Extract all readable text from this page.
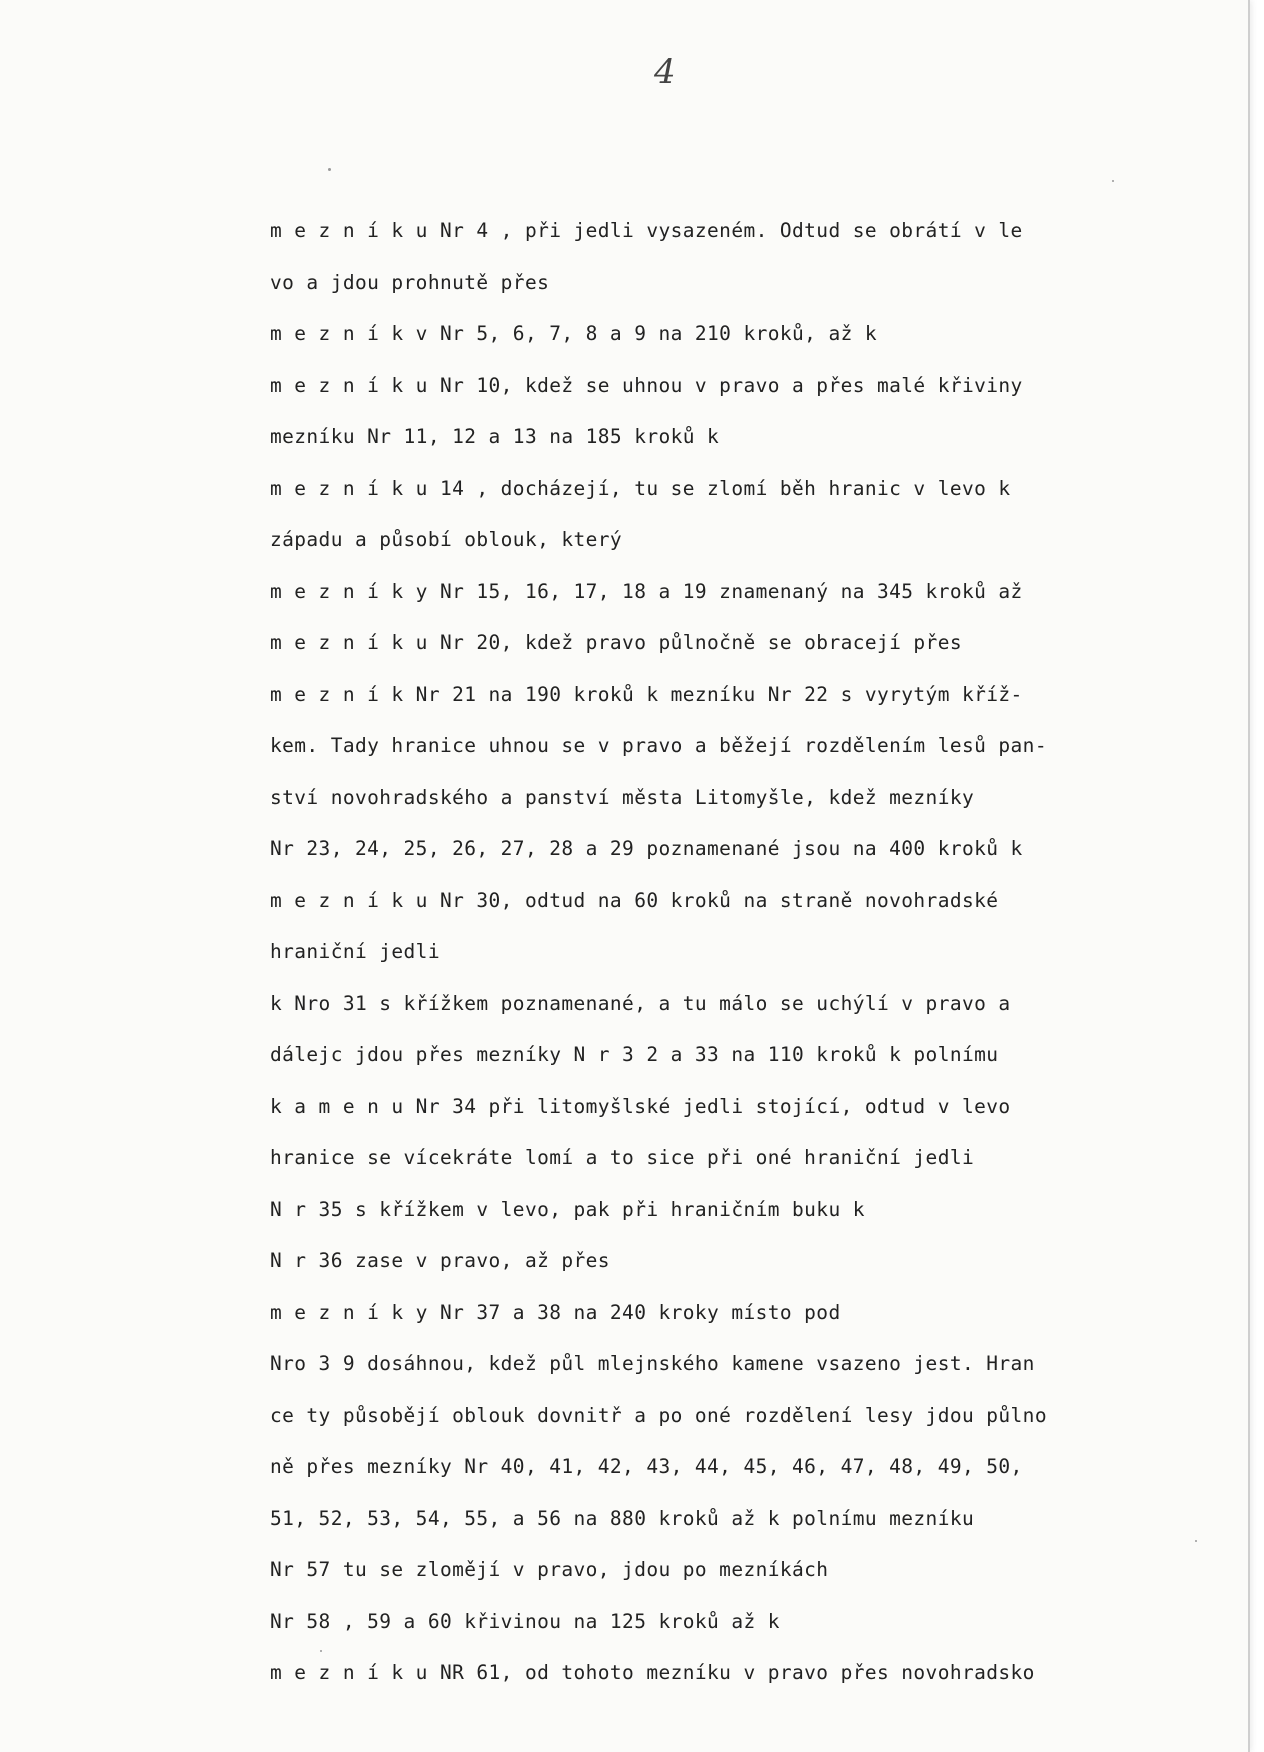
4
m e z n í k u Nr 4 , při jedli vysazeném. Odtud se obrátí v le
vo a jdou prohnutě přes
m e z n í k v Nr 5, 6, 7, 8 a 9 na 210 kroků, až k
m e z n í k u Nr 10, kdež se uhnou v pravo a přes malé křiviny
mezníku Nr 11, 12 a 13 na 185 kroků k
m e z n í k u 14 , docházejí, tu se zlomí běh hranic v levo k
západu a působí oblouk, který
m e z n í k y Nr 15, 16, 17, 18 a 19 znamenaný na 345 kroků až
m e z n í k u Nr 20, kdež pravo půlnočně se obracejí přes
m e z n í k Nr 21 na 190 kroků k mezníku Nr 22 s vyrytým kříž-
kem. Tady hranice uhnou se v pravo a běžejí rozdělením lesů pan-
ství novohradského a panství města Litomyšle, kdež mezníky
Nr 23, 24, 25, 26, 27, 28 a 29 poznamenané jsou na 400 kroků k
m e z n í k u Nr 30, odtud na 60 kroků na straně novohradské
hraniční jedli
k Nro 31 s křížkem poznamenané, a tu málo se uchýlí v pravo a
dálejc jdou přes mezníky N r 3 2 a 33 na 110 kroků k polnímu
k a m e n u Nr 34 při litomyšlské jedli stojící, odtud v levo
hranice se vícekráte lomí a to sice při oné hraniční jedli
N r 35 s křížkem v levo, pak při hraničním buku k
N r 36 zase v pravo, až přes
m e z n í k y Nr 37 a 38 na 240 kroky místo pod
Nro 3 9 dosáhnou, kdež půl mlejnského kamene vsazeno jest. Hran
ce ty působějí oblouk dovnitř a po oné rozdělení lesy jdou půlno
ně přes mezníky Nr 40, 41, 42, 43, 44, 45, 46, 47, 48, 49, 50,
51, 52, 53, 54, 55, a 56 na 880 kroků až k polnímu mezníku
Nr 57 tu se zlomějí v pravo, jdou po mezníkách
Nr 58 , 59 a 60 křivinou na 125 kroků až k
m e z n í k u NR 61, od tohoto mezníku v pravo přes novohradsko
